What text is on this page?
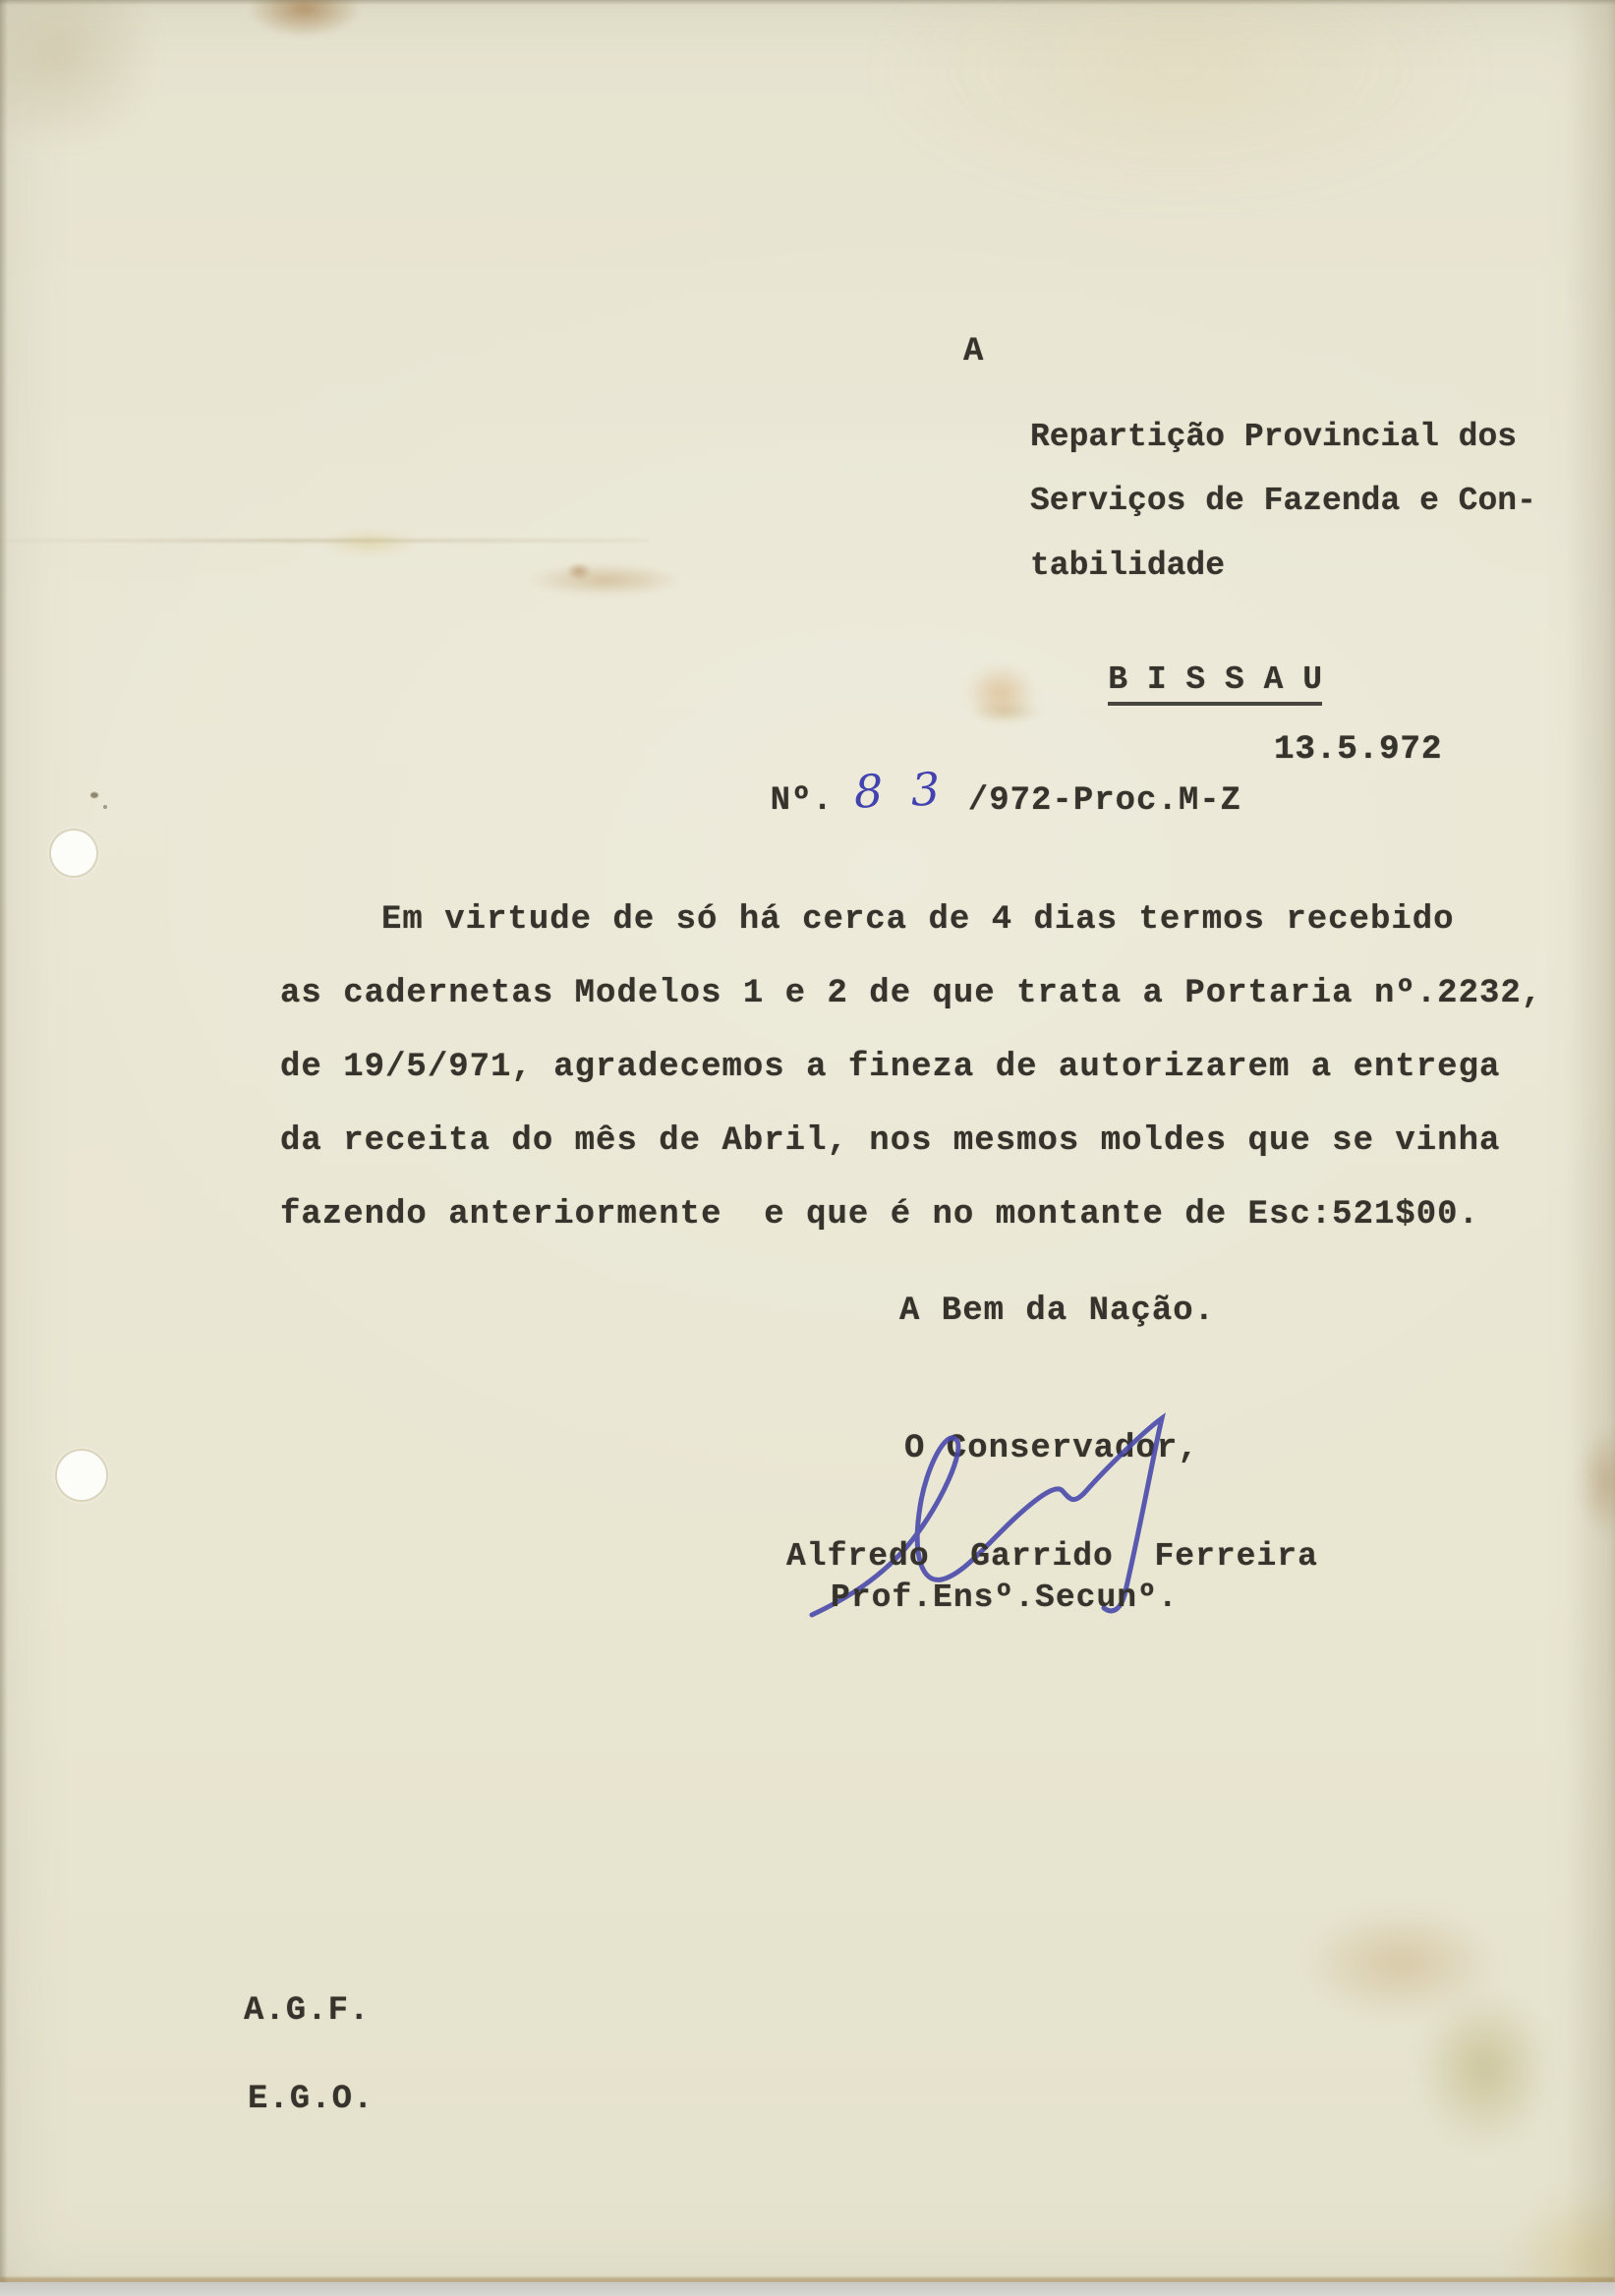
A
Repartição Provincial dos
Serviços de Fazenda e Con-
tabilidade

B I S S A U

Nº. 8 3 /972-Proc.M-Z

13.5.972
Em virtude de só há cerca de 4 dias termos recebido
as cadernetas Modelos 1 e 2 de que trata a Portaria nº.2232,
de 19/5/971, agradecemos a fineza de autorizarem a entrega
da receita do mês de Abril, nos mesmos moldes que se vinha
fazendo anteriormente  e que é no montante de Esc:521$00.
A Bem da Nação.
O Conservador,
Alfredo  Garrido  Ferreira
Prof.Ensº.Secunº.
A.G.F.
E.G.O.
